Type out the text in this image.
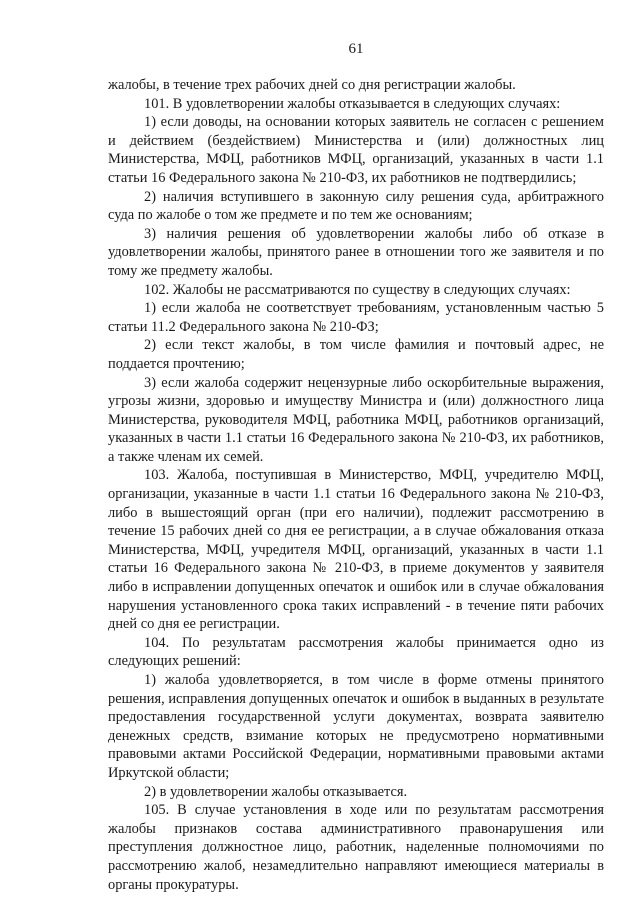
61

жалобы, в течение трех рабочих дней со дня регистрации жалобы.

101. В удовлетворении жалобы отказывается в следующих случаях:

1) если доводы, на основании которых заявитель не согласен с решением и действием (бездействием) Министерства и (или) должностных лиц Министерства, МФЦ, работников МФЦ, организаций, указанных в части 1.1 статьи 16 Федерального закона № 210-ФЗ, их работников не подтвердились;

2) наличия вступившего в законную силу решения суда, арбитражного суда по жалобе о том же предмете и по тем же основаниям;

3) наличия решения об удовлетворении жалобы либо об отказе в удовлетворении жалобы, принятого ранее в отношении того же заявителя и по тому же предмету жалобы.

102. Жалобы не рассматриваются по существу в следующих случаях:

1) если жалоба не соответствует требованиям, установленным частью 5 статьи 11.2 Федерального закона № 210-ФЗ;

2) если текст жалобы, в том числе фамилия и почтовый адрес, не поддается прочтению;

3) если жалоба содержит нецензурные либо оскорбительные выражения, угрозы жизни, здоровью и имуществу Министра и (или) должностного лица Министерства, руководителя МФЦ, работника МФЦ, работников организаций, указанных в части 1.1 статьи 16 Федерального закона № 210-ФЗ, их работников, а также членам их семей.

103. Жалоба, поступившая в Министерство, МФЦ, учредителю МФЦ, организации, указанные в части 1.1 статьи 16 Федерального закона № 210-ФЗ, либо в вышестоящий орган (при его наличии), подлежит рассмотрению в течение 15 рабочих дней со дня ее регистрации, а в случае обжалования отказа Министерства, МФЦ, учредителя МФЦ, организаций, указанных в части 1.1 статьи 16 Федерального закона № 210-ФЗ, в приеме документов у заявителя либо в исправлении допущенных опечаток и ошибок или в случае обжалования нарушения установленного срока таких исправлений - в течение пяти рабочих дней со дня ее регистрации.

104. По результатам рассмотрения жалобы принимается одно из следующих решений:

1) жалоба удовлетворяется, в том числе в форме отмены принятого решения, исправления допущенных опечаток и ошибок в выданных в результате предоставления государственной услуги документах, возврата заявителю денежных средств, взимание которых не предусмотрено нормативными правовыми актами Российской Федерации, нормативными правовыми актами Иркутской области;

2) в удовлетворении жалобы отказывается.

105. В случае установления в ходе или по результатам рассмотрения жалобы признаков состава административного правонарушения или преступления должностное лицо, работник, наделенные полномочиями по рассмотрению жалоб, незамедлительно направляют имеющиеся материалы в органы прокуратуры.
